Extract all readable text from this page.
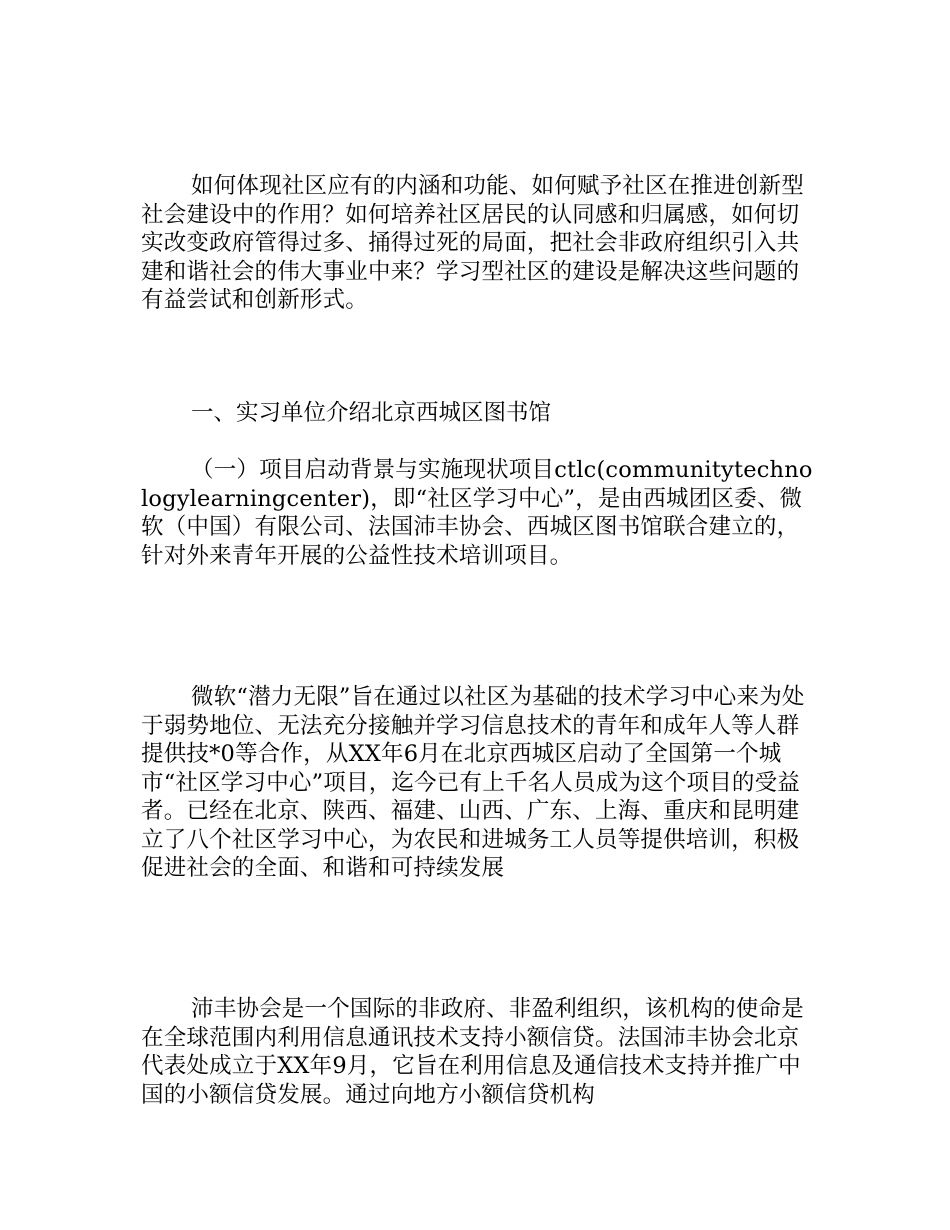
如何体现社区应有的内涵和功能、如何赋予社区在推进创新型社会建设中的作用？如何培养社区居民的认同感和归属感，如何切实改变政府管得过多、捅得过死的局面，把社会非政府组织引入共建和谐社会的伟大事业中来？学习型社区的建设是解决这些问题的有益尝试和创新形式。

一、实习单位介绍北京西城区图书馆

（一）项目启动背景与实施现状项目ctlc(communitytechnologylearningcenter)，即“社区学习中心”，是由西城团区委、微软（中国）有限公司、法国沛丰协会、西城区图书馆联合建立的，针对外来青年开展的公益性技术培训项目。

微软“潜力无限”旨在通过以社区为基础的技术学习中心来为处于弱势地位、无法充分接触并学习信息技术的青年和成年人等人群提供技*0等合作，从XX年6月在北京西城区启动了全国第一个城市“社区学习中心”项目，迄今已有上千名人员成为这个项目的受益者。已经在北京、陕西、福建、山西、广东、上海、重庆和昆明建立了八个社区学习中心，为农民和进城务工人员等提供培训，积极促进社会的全面、和谐和可持续发展

沛丰协会是一个国际的非政府、非盈利组织，该机构的使命是在全球范围内利用信息通讯技术支持小额信贷。法国沛丰协会北京代表处成立于XX年9月，它旨在利用信息及通信技术支持并推广中国的小额信贷发展。通过向地方小额信贷机构
